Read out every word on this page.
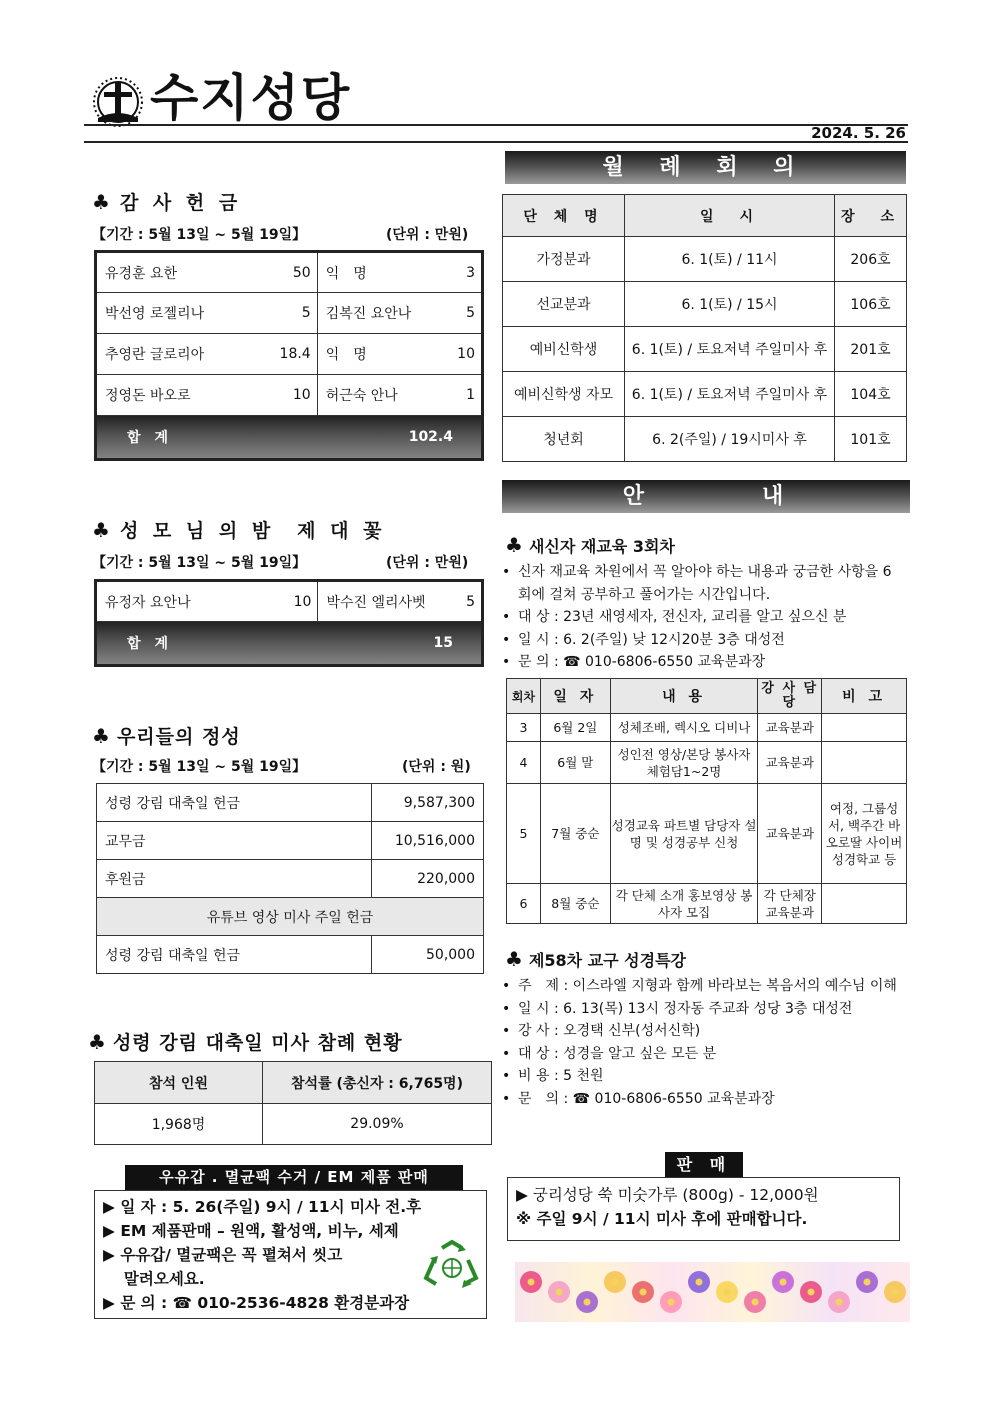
수지성당
2024. 5. 26
♣ 감 사 헌 금
【기간 : 5월 13일 ~ 5월 19일】	(단위 : 만원)
유경훈 요한	50	익　명	3
박선영 로젤리나	5	김복진 요안나	5
추영란 글로리아	18.4	익　명	10
정영돈 바오로	10	허근숙 안나	1
합　계		102.4	
♣ 성 모 님 의 밤　제 대 꽃
【기간 : 5월 13일 ~ 5월 19일】	(단위 : 만원)
유정자 요안나	10	박수진 엘리사벳	5
합　계		15	
♣ 우리들의 정성
【기간 : 5월 13일 ~ 5월 19일】	(단위 : 원)
성령 강림 대축일 헌금	9,587,300
교무금	10,516,000
후원금	220,000
유튜브 영상 미사 주일 헌금	
성령 강림 대축일 헌금	50,000
♣ 성령 강림 대축일 미사 참례 현황
참석 인원	참석률 (총신자 : 6,765명)
1,968명	29.09%
우유갑 . 멸균팩 수거 / EM 제품 판매
▶ 일 자 : 5. 26(주일) 9시 / 11시 미사 전.후
▶ EM 제품판매 – 원액, 활성액, 비누, 세제
▶ 우유갑/ 멸균팩은 꼭 펼쳐서 씻고
　 말려오세요.
▶ 문 의 : ☎ 010-2536-4828 환경분과장
월 례 회 의
단 체 명	일　시	장　소
가정분과	6. 1(토) / 11시	206호
선교분과	6. 1(토) / 15시	106호
예비신학생	6. 1(토) / 토요저녁 주일미사 후	201호
예비신학생 자모	6. 1(토) / 토요저녁 주일미사 후	104호
청년회	6. 2(주일) / 19시미사 후	101호
안　　　　내
♣ 새신자 재교육 3회차
• 신자 재교육 차원에서 꼭 알아야 하는 내용과 궁금한 사항을 6회에 걸쳐 공부하고 풀어가는 시간입니다.
• 대 상 : 23년 새영세자, 전신자, 교리를 알고 싶으신 분
• 일 시 : 6. 2(주일) 낮 12시20분 3층 대성전
• 문 의 : ☎ 010-6806-6550 교육분과장
회차	일 자	내 용	강 사 담 당	비 고
3	6월 2일	성체조배, 렉시오 디비나	교육분과	
4	6월 말	성인전 영상/본당 봉사자 체험담1~2명	교육분과	
5	7월 중순	성경교육 파트별 담당자 설명 및 성경공부 신청	교육분과	여정, 그룹성서, 백주간 바오로딸 사이버 성경학교 등
6	8월 중순	각 단체 소개 홍보영상 봉사자 모집	각 단체장 교육분과	
♣ 제58차 교구 성경특강
• 주　제 : 이스라엘 지형과 함께 바라보는 복음서의 예수님 이해
• 일 시 : 6. 13(목) 13시 정자동 주교좌 성당 3층 대성전
• 강 사 : 오경택 신부(성서신학)
• 대 상 : 성경을 알고 싶은 모든 분
• 비 용 : 5 천원
• 문　의 : ☎ 010-6806-6550 교육분과장
판 매
▶ 궁리성당 쑥 미숫가루 (800g) - 12,000원
※ 주일 9시 / 11시 미사 후에 판매합니다.
